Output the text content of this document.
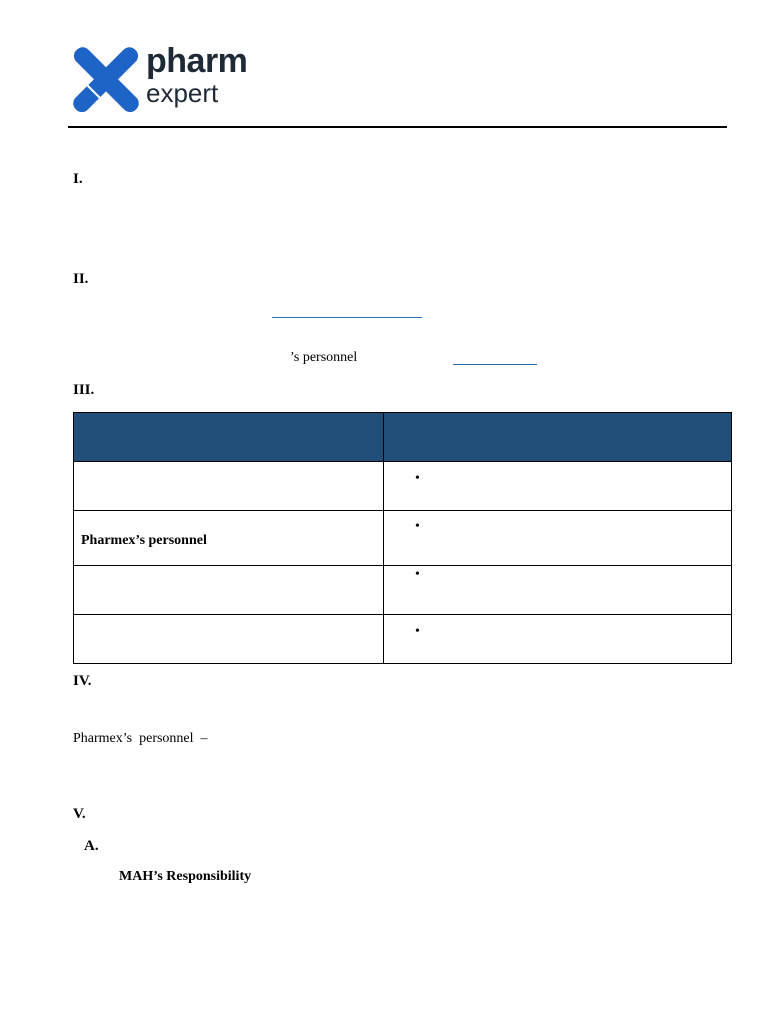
pharm
expert
I.
II.
’s personnel
III.

	•

Pharmex’s personnel	•

	•

	•
IV.
Pharmex’s  personnel  –
V.
A.
MAH’s Responsibility
